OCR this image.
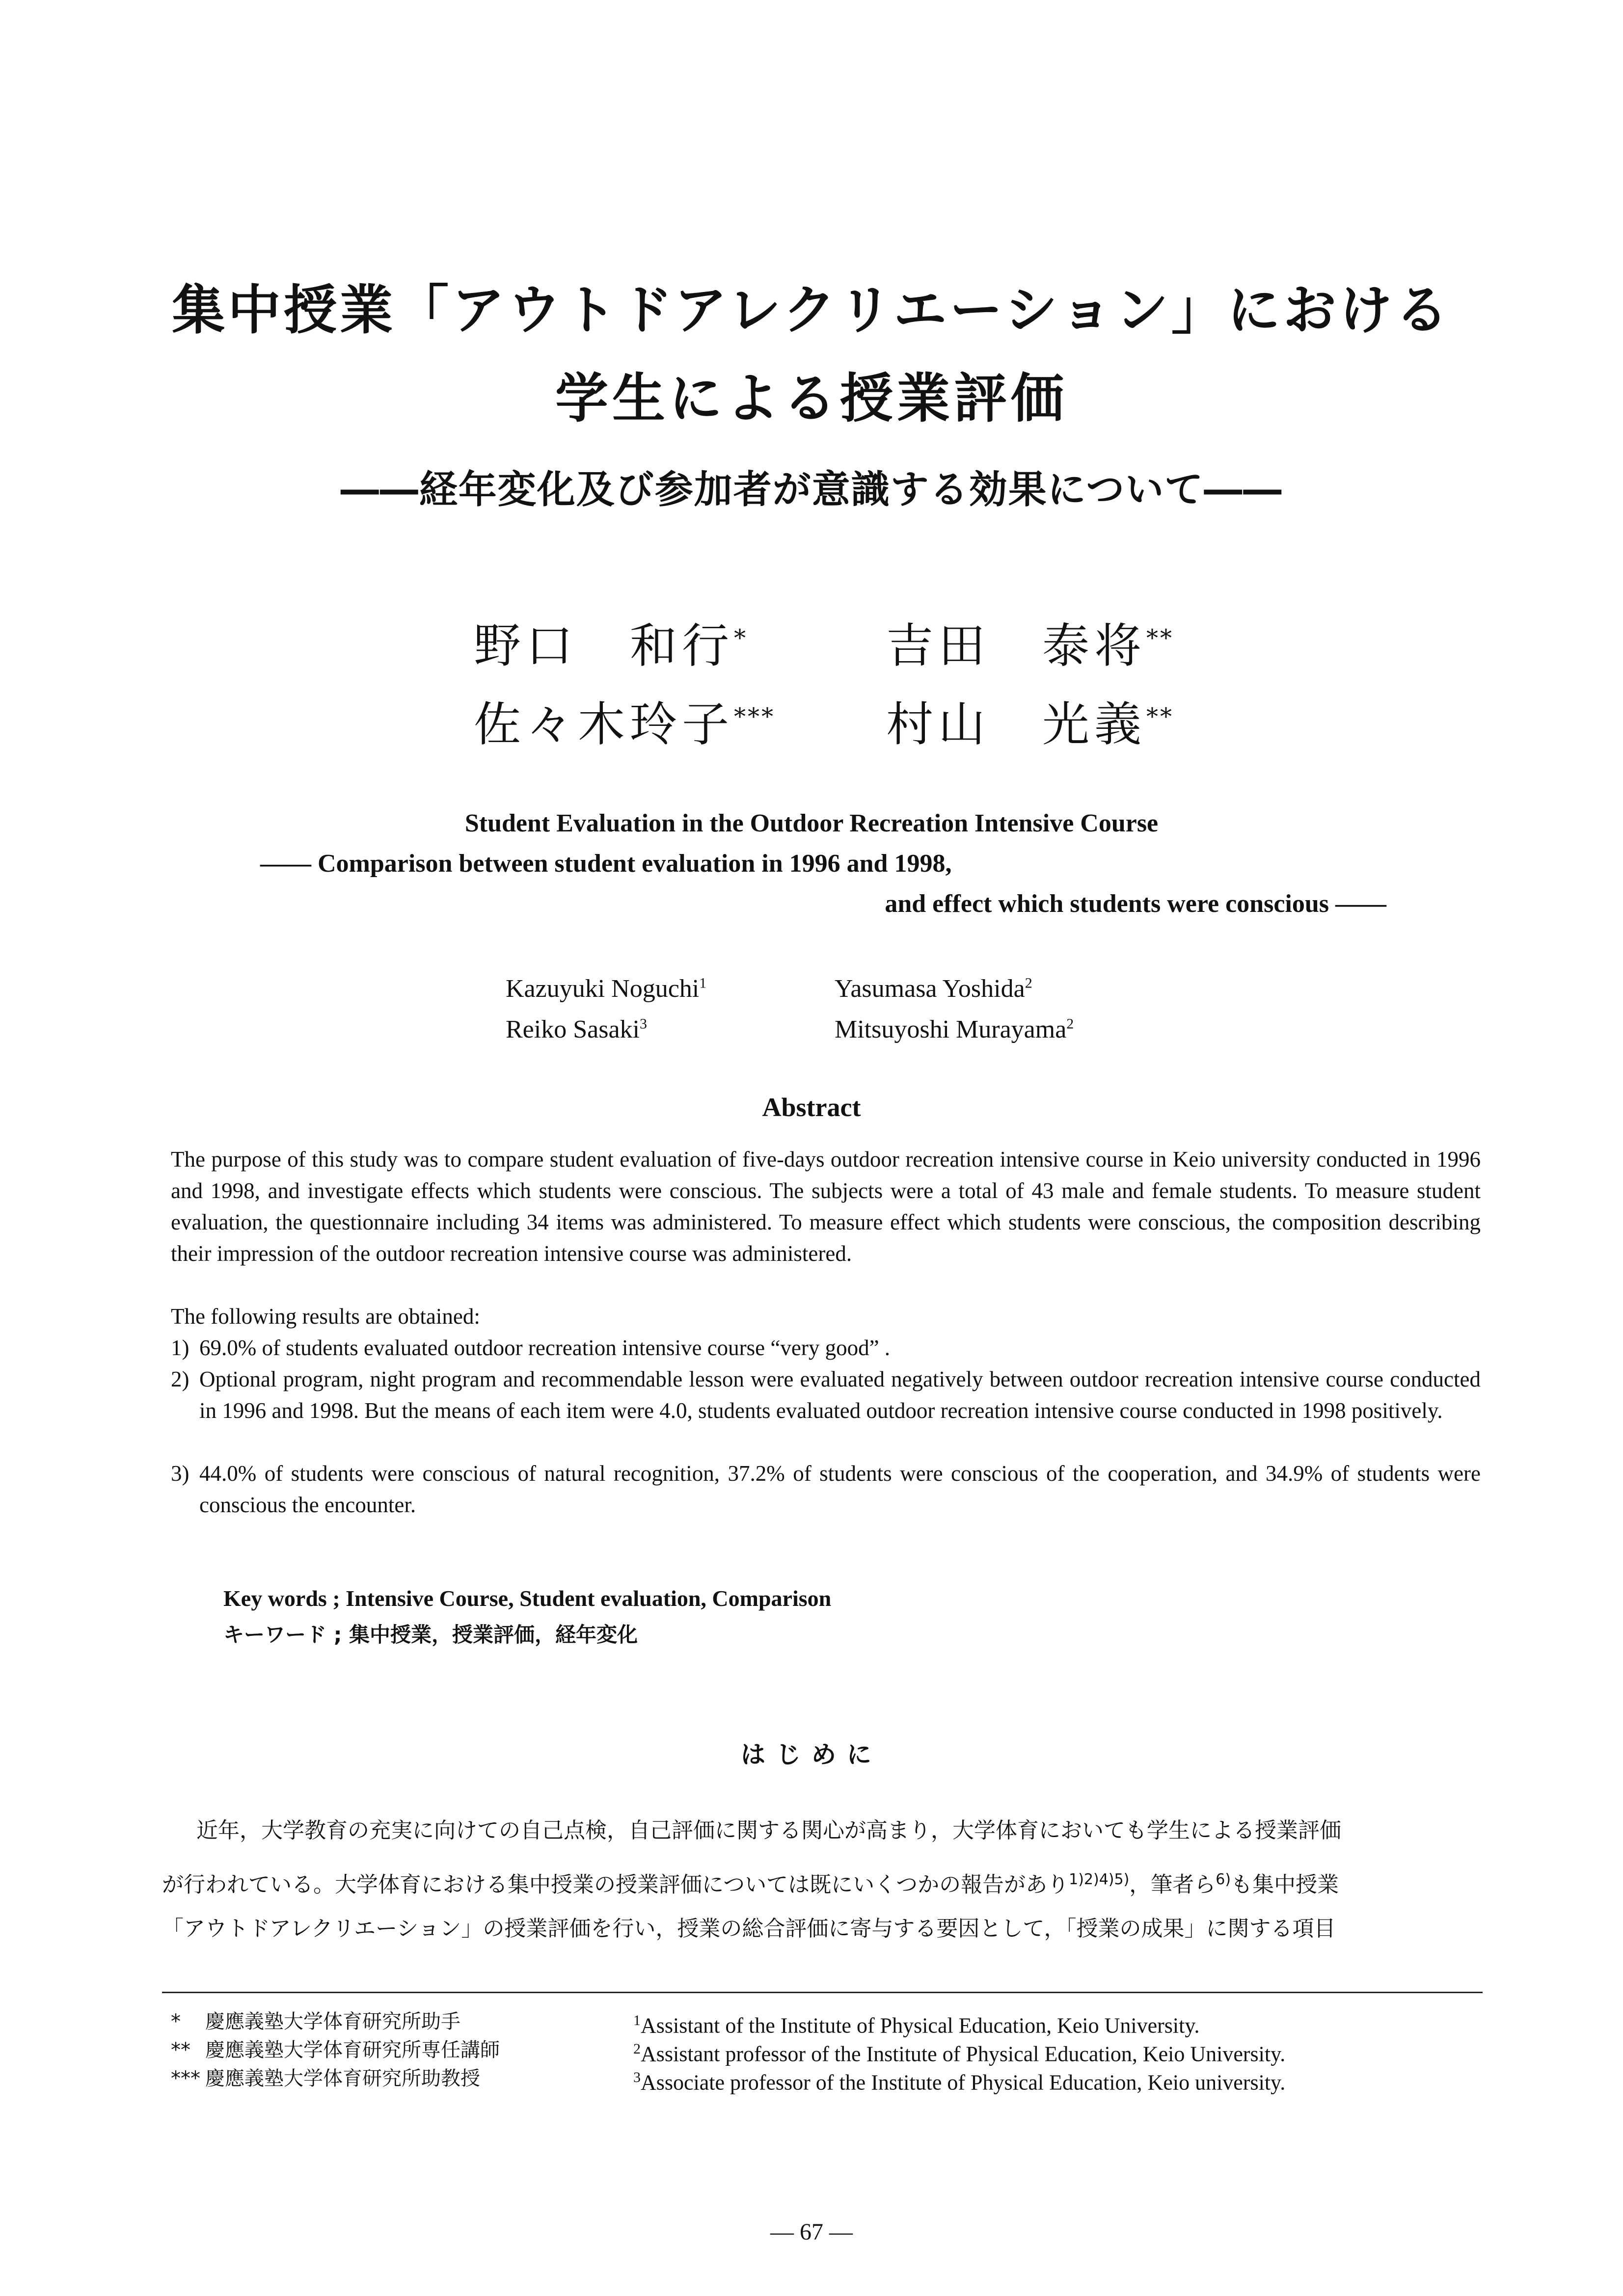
集中授業「アウトドアレクリエーション」における
学生による授業評価
――経年変化及び参加者が意識する効果について――
野口　和行*	吉田　泰将**
佐々木玲子*** 村山　光義**
Student Evaluation in the Outdoor Recreation Intensive Course
―― Comparison between student evaluation in 1996 and 1998,
and effect which students were conscious ――
Kazuyuki Noguchi$^1$	Yasumasa Yoshida$^2$
Reiko Sasaki$^3$	Mitsuyoshi Murayama$^2$
Abstract
The purpose of this study was to compare student evaluation of five-days outdoor recreation intensive course in Keio university conducted in 1996 and 1998, and investigate effects which students were conscious. The subjects were a total of 43 male and female students. To measure student evaluation, the questionnaire including 34 items was administered. To measure effect which students were conscious, the composition describing their impression of the outdoor recreation intensive course was administered.
The following results are obtained:
1) 69.0% of students evaluated outdoor recreation intensive course “very good” .
2) Optional program, night program and recommendable lesson were evaluated negatively between outdoor recreation intensive course conducted in 1996 and 1998. But the means of each item were 4.0, students evaluated outdoor recreation intensive course conducted in 1998 positively.
3) 44.0% of students were conscious of natural recognition, 37.2% of students were conscious of the cooperation, and 34.9% of students were conscious the encounter.
Key words ; Intensive Course, Student evaluation, Comparison
キーワード ; 集中授業，授業評価，経年変化
はじめに
近年，大学教育の充実に向けての自己点検，自己評価に関する関心が高まり，大学体育においても学生による授業評価
が行われている。大学体育における集中授業の授業評価については既にいくつかの報告があり$^{1)2)4)5)}$，筆者ら$^{6)}$も集中授業
「アウトドアレクリエーション」の授業評価を行い，授業の総合評価に寄与する要因として，「授業の成果」に関する項目
* 慶應義塾大学体育研究所助手
** 慶應義塾大学体育研究所専任講師
*** 慶應義塾大学体育研究所助教授
$^1$Assistant of the Institute of Physical Education, Keio University.
$^2$Assistant professor of the Institute of Physical Education, Keio University.
$^3$Associate professor of the Institute of Physical Education, Keio university.
― 67 ―
